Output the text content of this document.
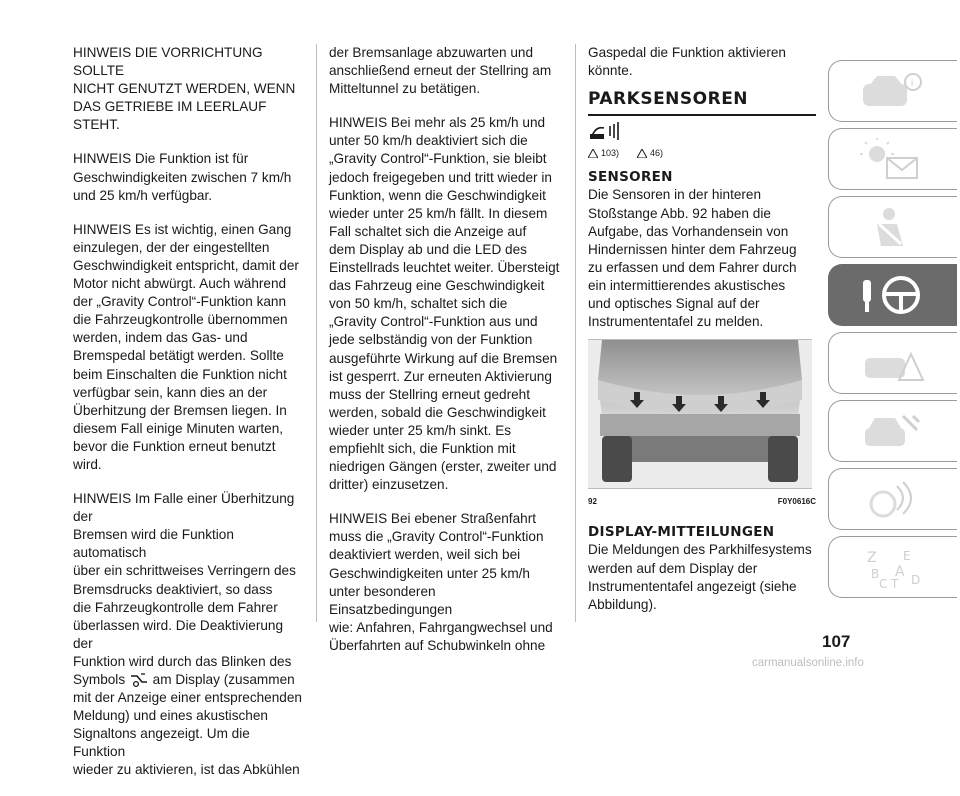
HINWEIS DIE VORRICHTUNG SOLLTE
NICHT GENUTZT WERDEN, WENN
DAS GETRIEBE IM LEERLAUF STEHT.

HINWEIS Die Funktion ist für
Geschwindigkeiten zwischen 7 km/h
und 25 km/h verfügbar.

HINWEIS Es ist wichtig, einen Gang
einzulegen, der der eingestellten
Geschwindigkeit entspricht, damit der
Motor nicht abwürgt. Auch während
der „Gravity Control“-Funktion kann
die Fahrzeugkontrolle übernommen
werden, indem das Gas- und
Bremspedal betätigt werden. Sollte
beim Einschalten die Funktion nicht
verfügbar sein, kann dies an der
Überhitzung der Bremsen liegen. In
diesem Fall einige Minuten warten,
bevor die Funktion erneut benutzt wird.

HINWEIS Im Falle einer Überhitzung der
Bremsen wird die Funktion automatisch
über ein schrittweises Verringern des
Bremsdrucks deaktiviert, so dass
die Fahrzeugkontrolle dem Fahrer
überlassen wird. Die Deaktivierung der
Funktion wird durch das Blinken des
Symbols  am Display (zusammen
mit der Anzeige einer entsprechenden
Meldung) und eines akustischen
Signaltons angezeigt. Um die Funktion
wieder zu aktivieren, ist das Abkühlen

der Bremsanlage abzuwarten und
anschließend erneut der Stellring am
Mitteltunnel zu betätigen.

HINWEIS Bei mehr als 25 km/h und
unter 50 km/h deaktiviert sich die
„Gravity Control“-Funktion, sie bleibt
jedoch freigegeben und tritt wieder in
Funktion, wenn die Geschwindigkeit
wieder unter 25 km/h fällt. In diesem
Fall schaltet sich die Anzeige auf
dem Display ab und die LED des
Einstellrads leuchtet weiter. Übersteigt
das Fahrzeug eine Geschwindigkeit
von 50 km/h, schaltet sich die
„Gravity Control“-Funktion aus und
jede selbständig von der Funktion
ausgeführte Wirkung auf die Bremsen
ist gesperrt. Zur erneuten Aktivierung
muss der Stellring erneut gedreht
werden, sobald die Geschwindigkeit
wieder unter 25 km/h sinkt. Es
empfiehlt sich, die Funktion mit
niedrigen Gängen (erster, zweiter und
dritter) einzusetzen.

HINWEIS Bei ebener Straßenfahrt
muss die „Gravity Control“-Funktion
deaktiviert werden, weil sich bei
Geschwindigkeiten unter 25 km/h
unter besonderen Einsatzbedingungen
wie: Anfahren, Fahrgangwechsel und
Überfahrten auf Schubwinkeln ohne

Gaspedal die Funktion aktivieren
könnte.

PARKSENSOREN
103)	46)
SENSOREN

Die Sensoren in der hinteren
Stoßstange Abb. 92 haben die
Aufgabe, das Vorhandensein von
Hindernissen hinter dem Fahrzeug
zu erfassen und dem Fahrer durch
ein intermittierendes akustisches
und optisches Signal auf der
Instrumententafel zu melden.

92	F0Y0616C
DISPLAY-MITTEILUNGEN

Die Meldungen des Parkhilfesystems
werden auf dem Display der
Instrumententafel angezeigt (siehe
Abbildung).

i
Z E
B A
C T D
107
carmanualsonline.info
